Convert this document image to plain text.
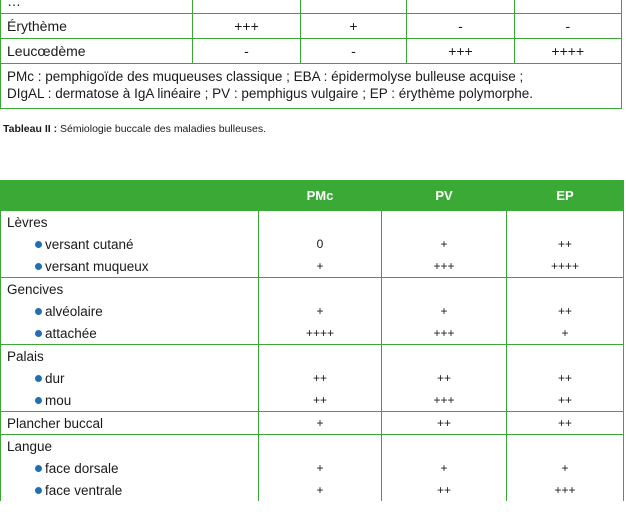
…				
Érythème	+++	+	-	-
Leucœdème	-	-	+++	++++

PMc : pemphigoïde des muqueuses classique ; EBA : épidermolyse bulleuse acquise ;
DIgAL : dermatose à IgA linéaire ; PV : pemphigus vulgaire ; EP : érythème polymorphe.				
Tableau II : Sémiologie buccale des maladies bulleuses.
	PMc	PV	EP
Lèvres			
versant cutané	0	+	++
versant muqueux	+	+++	++++
Gencives			
alvéolaire	+	+	++
attachée	++++	+++	+
Palais			
dur	++	++	++
mou	++	+++	++
Plancher buccal	+	++	++
Langue			
face dorsale	+	+	+
face ventrale	+	++	+++
